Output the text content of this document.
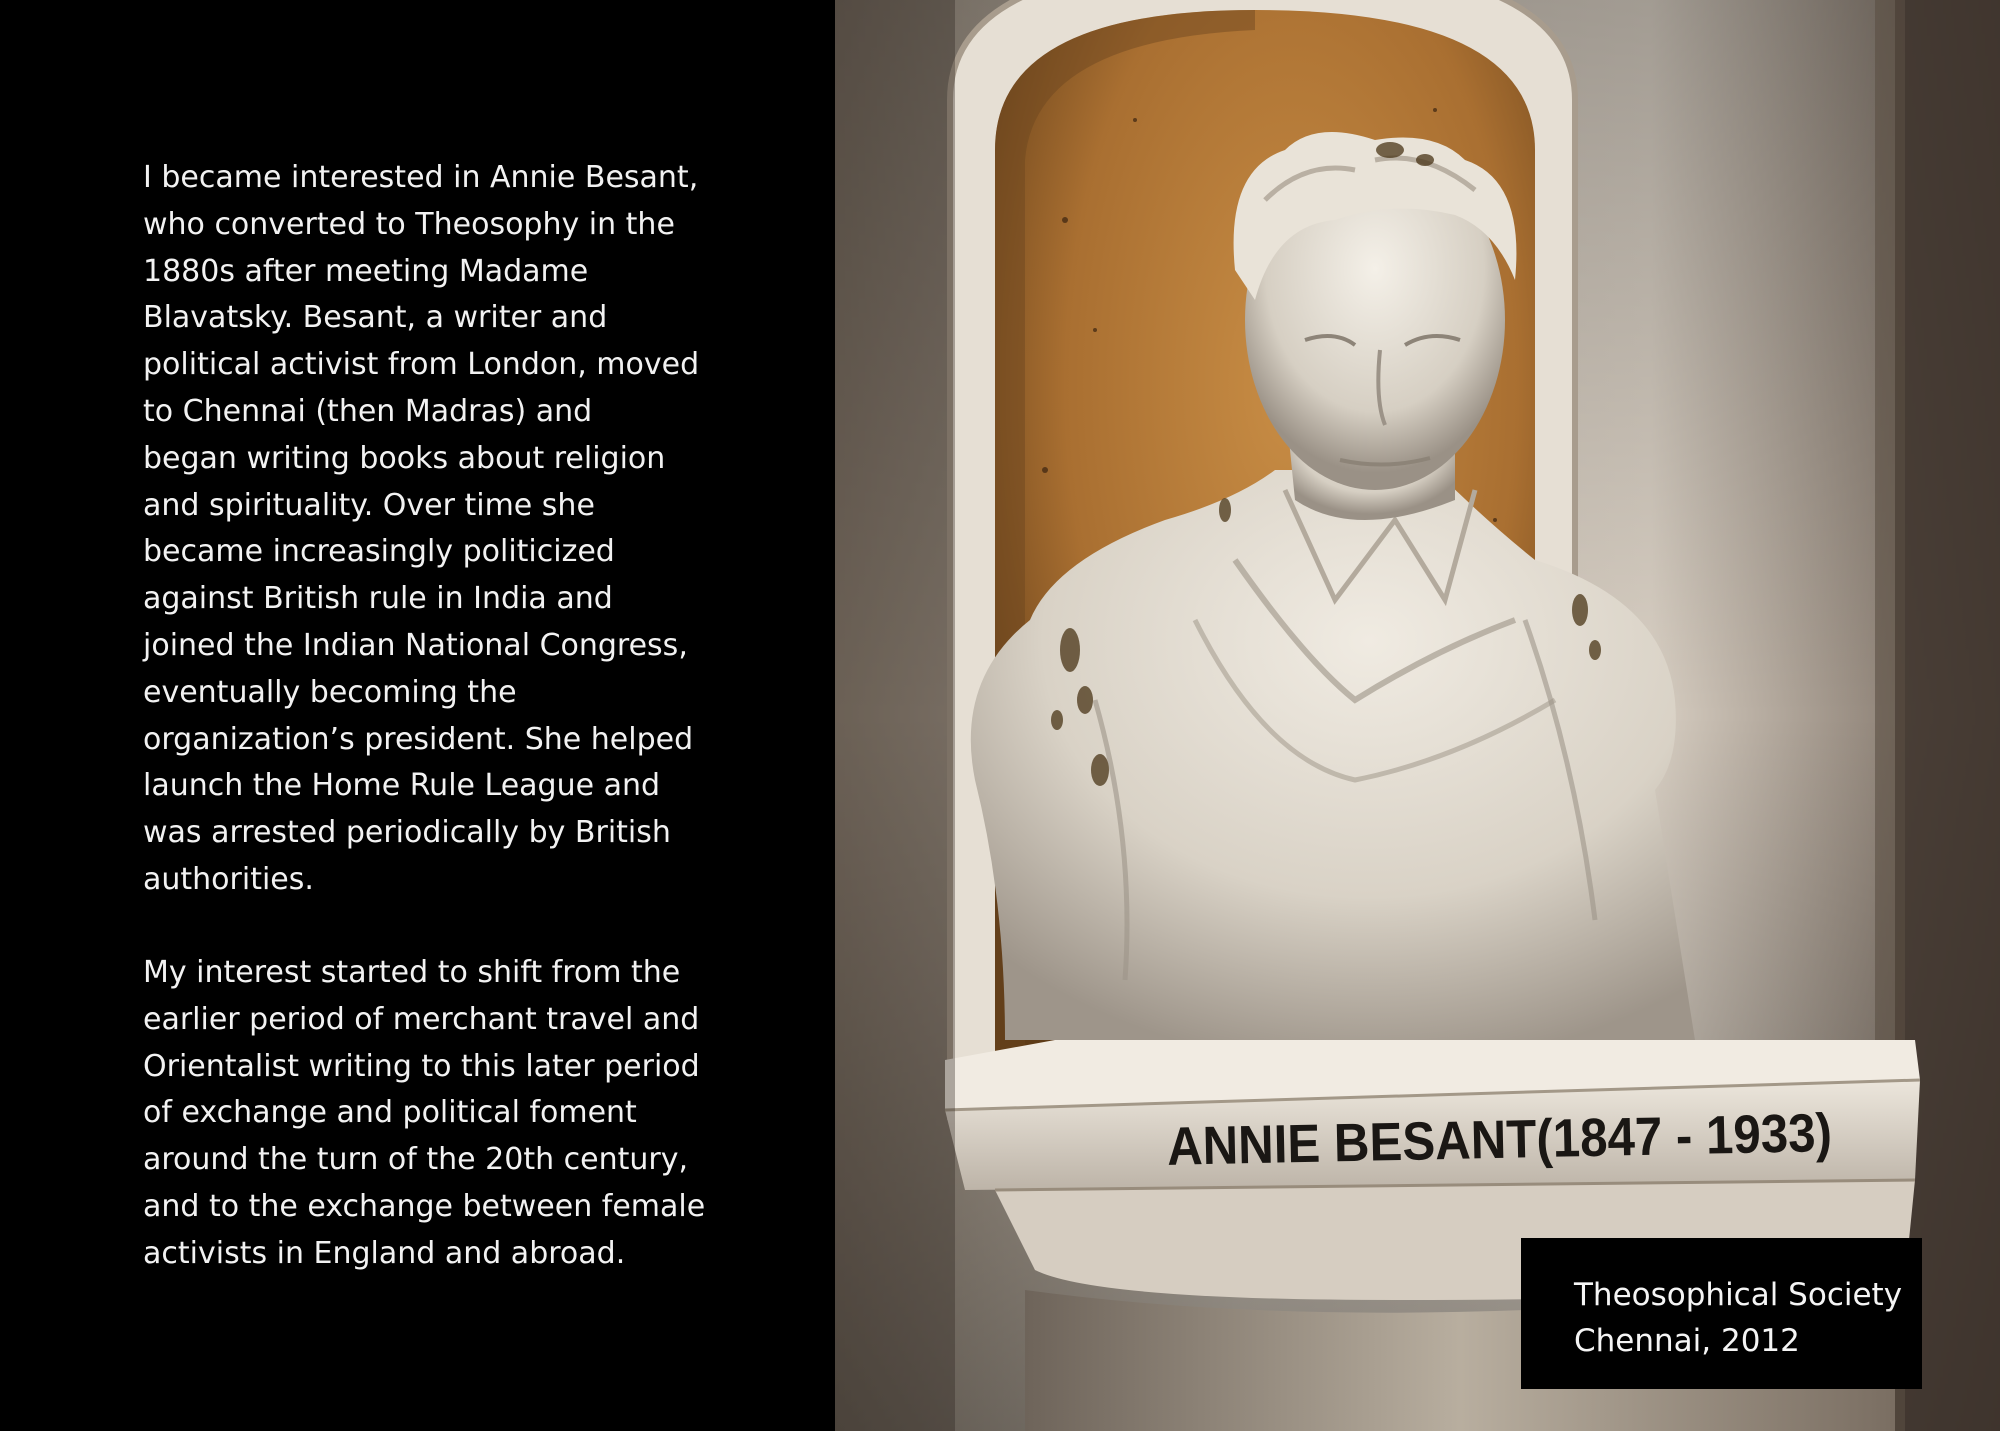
I became interested in Annie Besant,
who converted to Theosophy in the
1880s after meeting Madame
Blavatsky. Besant, a writer and
political activist from London, moved
to Chennai (then Madras) and
began writing books about religion
and spirituality. Over time she
became increasingly politicized
against British rule in India and
joined the Indian National Congress,
eventually becoming the
organization’s president. She helped
launch the Home Rule League and
was arrested periodically by British
authorities.

My interest started to shift from the
earlier period of merchant travel and
Orientalist writing to this later period
of exchange and political foment
around the turn of the 20th century,
and to the exchange between female
activists in England and abroad.

ANNIE BESANT(1847 - 1933)
Theosophical Society
Chennai, 2012
